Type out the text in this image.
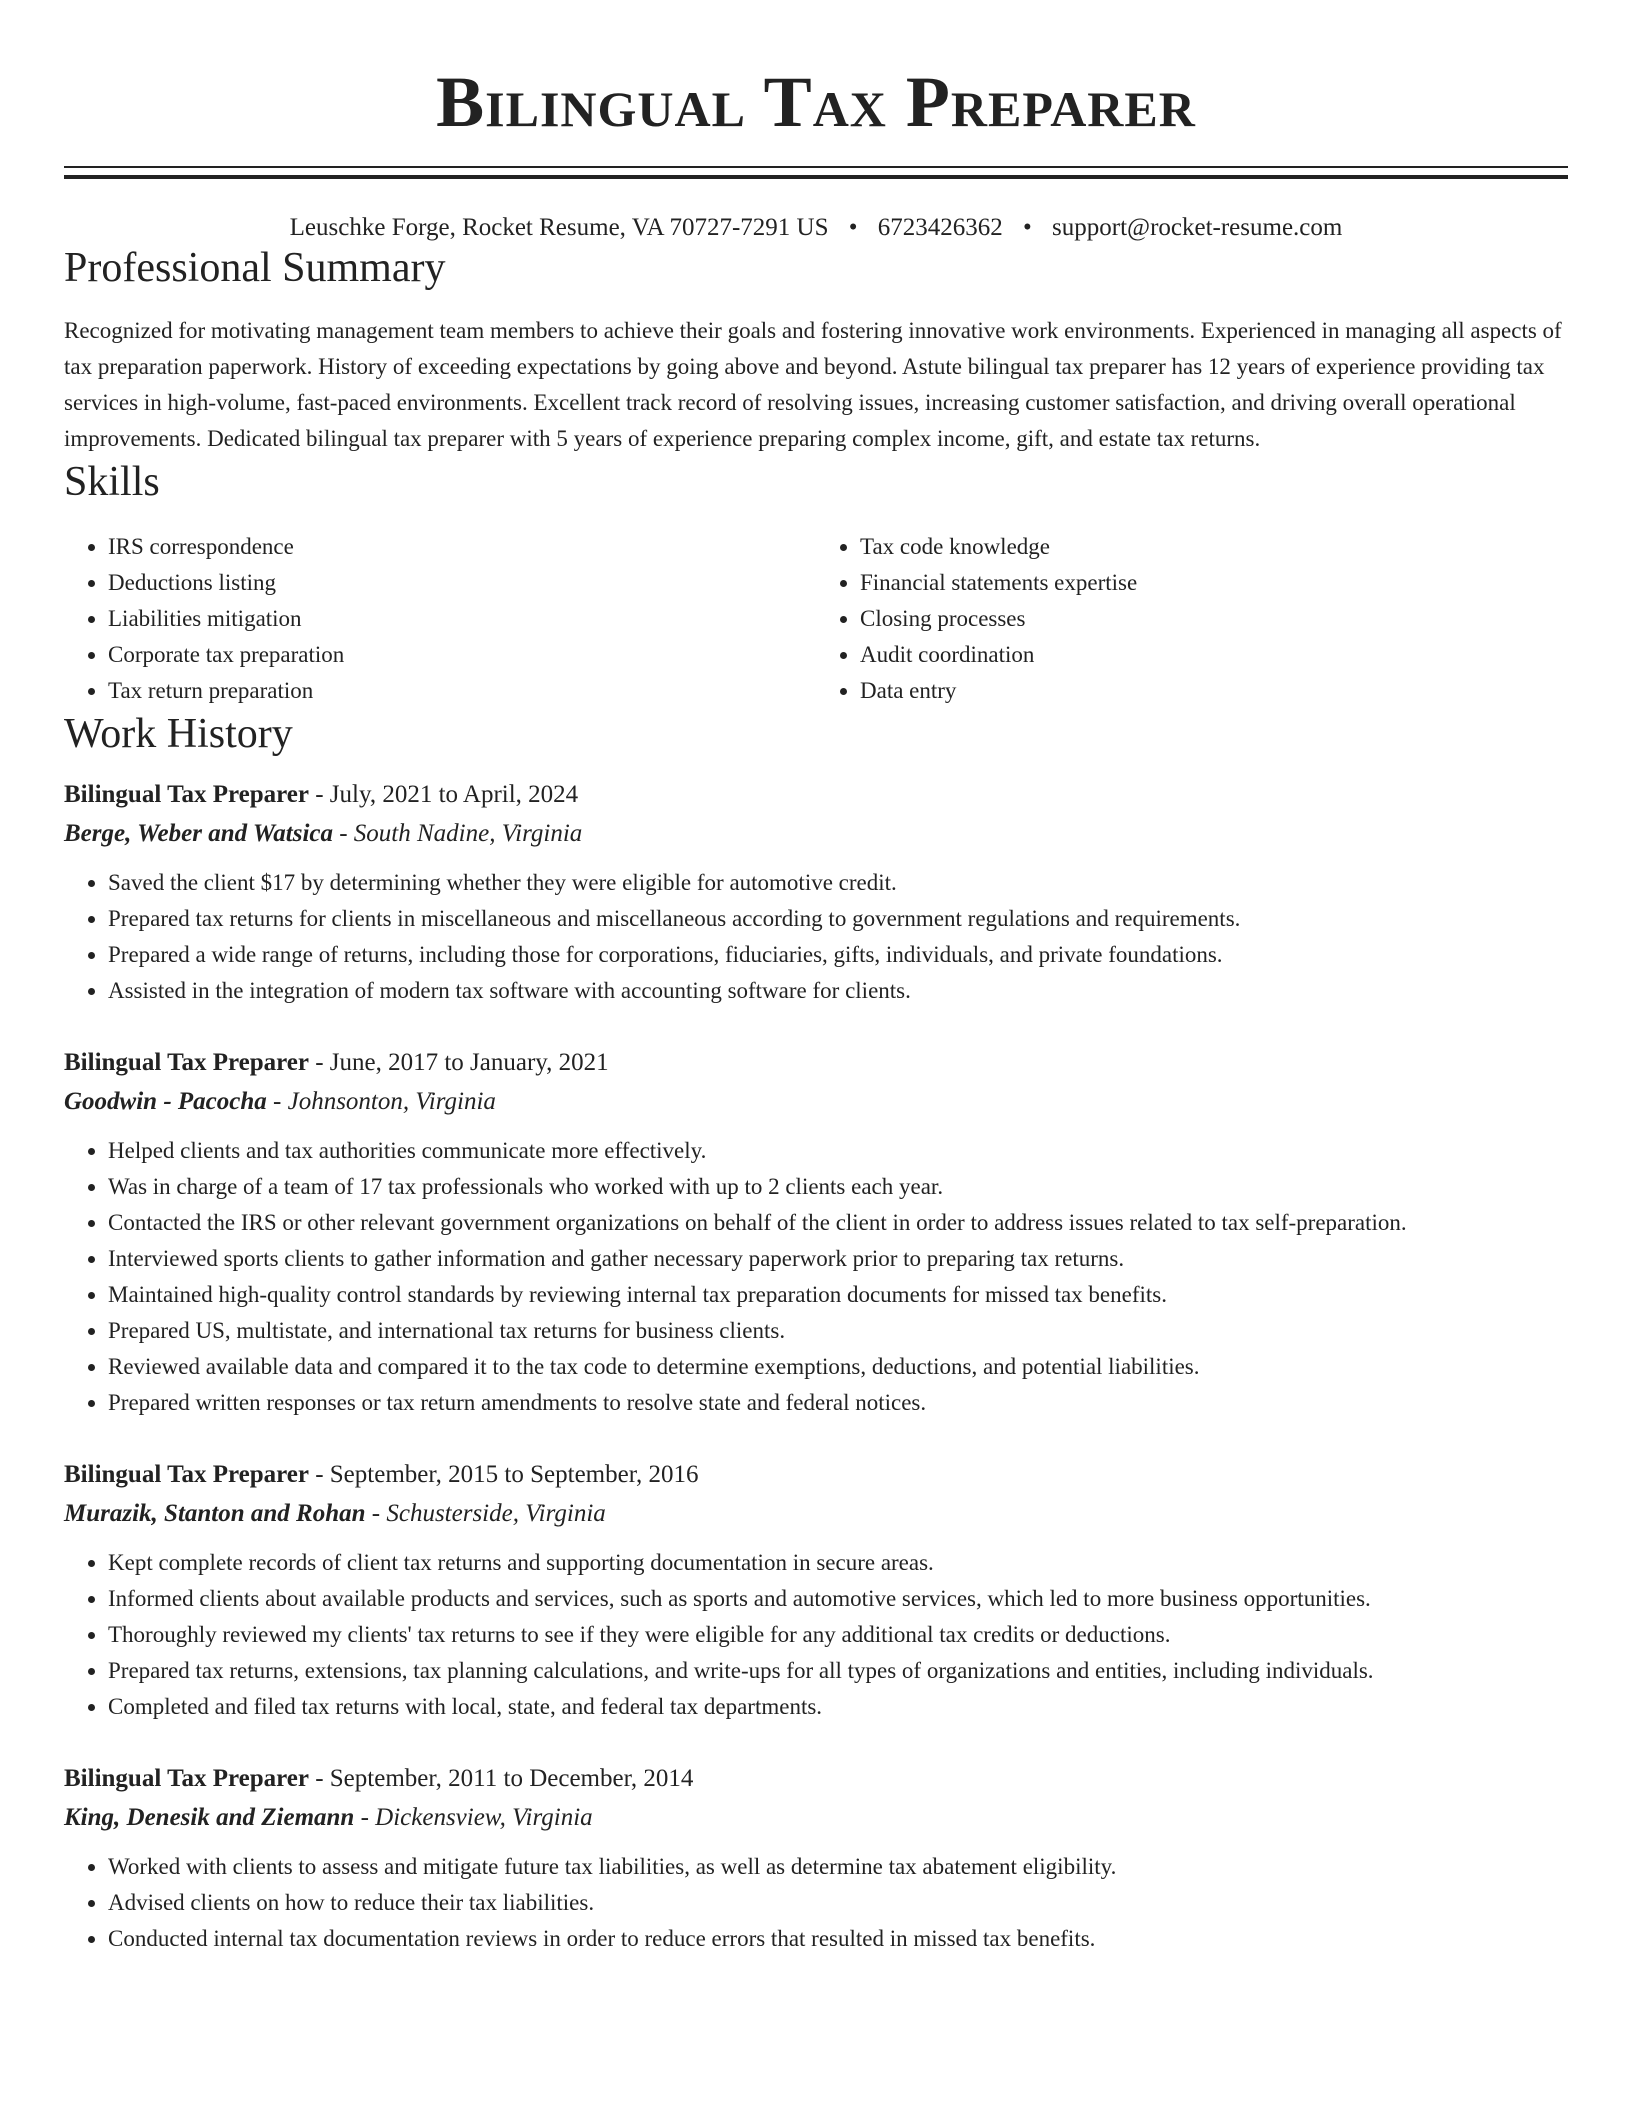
Bilingual Tax Preparer
Leuschke Forge, Rocket Resume, VA 70727-7291 US • 6723426362 • support@rocket-resume.com
Professional Summary

Recognized for motivating management team members to achieve their goals and fostering innovative work environments. Experienced in managing all aspects of tax preparation paperwork. History of exceeding expectations by going above and beyond. Astute bilingual tax preparer has 12 years of experience providing tax services in high-volume, fast-paced environments. Excellent track record of resolving issues, increasing customer satisfaction, and driving overall operational improvements. Dedicated bilingual tax preparer with 5 years of experience preparing complex income, gift, and estate tax returns.

Skills
• IRS correspondence
• Deductions listing
• Liabilities mitigation
• Corporate tax preparation
• Tax return preparation
• Tax code knowledge
• Financial statements expertise
• Closing processes
• Audit coordination
• Data entry
Work History
Bilingual Tax Preparer - July, 2021 to April, 2024
Berge, Weber and Watsica - South Nadine, Virginia
• Saved the client $17 by determining whether they were eligible for automotive credit.
• Prepared tax returns for clients in miscellaneous and miscellaneous according to government regulations and requirements.
• Prepared a wide range of returns, including those for corporations, fiduciaries, gifts, individuals, and private foundations.
• Assisted in the integration of modern tax software with accounting software for clients.
Bilingual Tax Preparer - June, 2017 to January, 2021
Goodwin - Pacocha - Johnsonton, Virginia
• Helped clients and tax authorities communicate more effectively.
• Was in charge of a team of 17 tax professionals who worked with up to 2 clients each year.
• Contacted the IRS or other relevant government organizations on behalf of the client in order to address issues related to tax self-preparation.
• Interviewed sports clients to gather information and gather necessary paperwork prior to preparing tax returns.
• Maintained high-quality control standards by reviewing internal tax preparation documents for missed tax benefits.
• Prepared US, multistate, and international tax returns for business clients.
• Reviewed available data and compared it to the tax code to determine exemptions, deductions, and potential liabilities.
• Prepared written responses or tax return amendments to resolve state and federal notices.
Bilingual Tax Preparer - September, 2015 to September, 2016
Murazik, Stanton and Rohan - Schusterside, Virginia
• Kept complete records of client tax returns and supporting documentation in secure areas.
• Informed clients about available products and services, such as sports and automotive services, which led to more business opportunities.
• Thoroughly reviewed my clients' tax returns to see if they were eligible for any additional tax credits or deductions.
• Prepared tax returns, extensions, tax planning calculations, and write-ups for all types of organizations and entities, including individuals.
• Completed and filed tax returns with local, state, and federal tax departments.
Bilingual Tax Preparer - September, 2011 to December, 2014
King, Denesik and Ziemann - Dickensview, Virginia
• Worked with clients to assess and mitigate future tax liabilities, as well as determine tax abatement eligibility.
• Advised clients on how to reduce their tax liabilities.
• Conducted internal tax documentation reviews in order to reduce errors that resulted in missed tax benefits.
